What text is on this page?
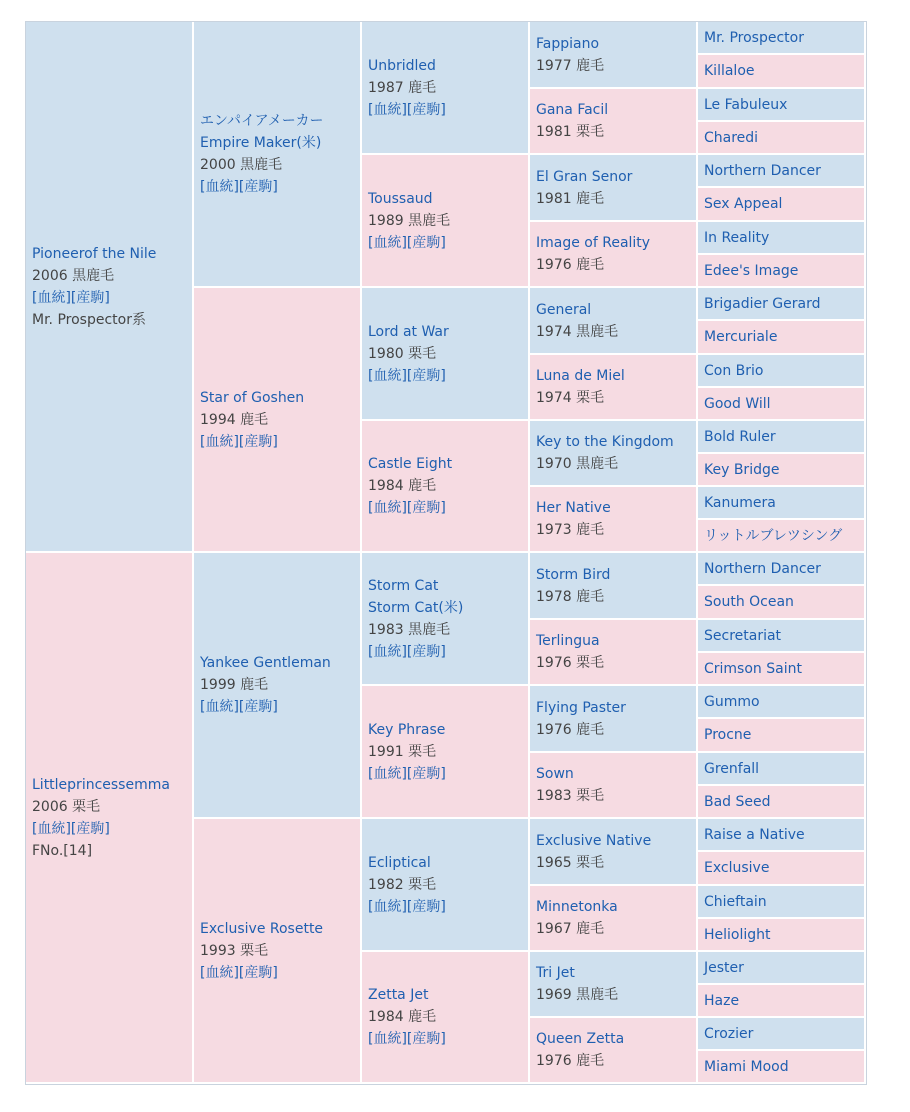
Pioneerof the Nile
2006 黒鹿毛
[血統][産駒]
Mr. Prospector系
Littleprincessemma
2006 栗毛
[血統][産駒]
FNo.[14]
エンパイアメーカー
Empire Maker(米)
2000 黒鹿毛
[血統][産駒]
Star of Goshen
1994 鹿毛
[血統][産駒]
Yankee Gentleman
1999 鹿毛
[血統][産駒]
Exclusive Rosette
1993 栗毛
[血統][産駒]
Unbridled
1987 鹿毛
[血統][産駒]
Toussaud
1989 黒鹿毛
[血統][産駒]
Lord at War
1980 栗毛
[血統][産駒]
Castle Eight
1984 鹿毛
[血統][産駒]
Storm Cat
Storm Cat(米)
1983 黒鹿毛
[血統][産駒]
Key Phrase
1991 栗毛
[血統][産駒]
Ecliptical
1982 栗毛
[血統][産駒]
Zetta Jet
1984 鹿毛
[血統][産駒]
Fappiano
1977 鹿毛
Gana Facil
1981 栗毛
El Gran Senor
1981 鹿毛
Image of Reality
1976 鹿毛
General
1974 黒鹿毛
Luna de Miel
1974 栗毛
Key to the Kingdom
1970 黒鹿毛
Her Native
1973 鹿毛
Storm Bird
1978 鹿毛
Terlingua
1976 栗毛
Flying Paster
1976 鹿毛
Sown
1983 栗毛
Exclusive Native
1965 栗毛
Minnetonka
1967 鹿毛
Tri Jet
1969 黒鹿毛
Queen Zetta
1976 鹿毛
Mr. Prospector
Killaloe
Le Fabuleux
Charedi
Northern Dancer
Sex Appeal
In Reality
Edee's Image
Brigadier Gerard
Mercuriale
Con Brio
Good Will
Bold Ruler
Key Bridge
Kanumera
リットルブレツシング
Northern Dancer
South Ocean
Secretariat
Crimson Saint
Gummo
Procne
Grenfall
Bad Seed
Raise a Native
Exclusive
Chieftain
Heliolight
Jester
Haze
Crozier
Miami Mood
